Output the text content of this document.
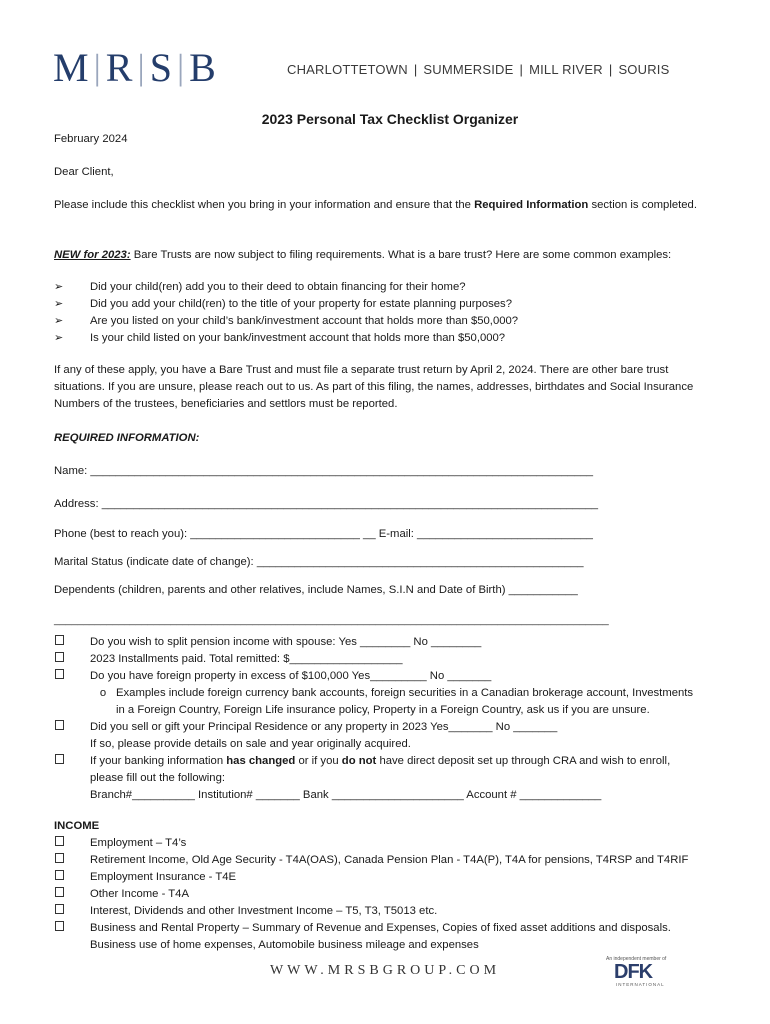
M | R | S | B	CHARLOTTETOWN | SUMMERSIDE | MILL RIVER | SOURIS
2023 Personal Tax Checklist Organizer
February 2024
Dear Client,
Please include this checklist when you bring in your information and ensure that the Required Information section is completed.
NEW for 2023: Bare Trusts are now subject to filing requirements. What is a bare trust? Here are some common examples:
➢	Did your child(ren) add you to their deed to obtain financing for their home?
➢	Did you add your child(ren) to the title of your property for estate planning purposes?
➢	Are you listed on your child’s bank/investment account that holds more than $50,000?
➢	Is your child listed on your bank/investment account that holds more than $50,000?
If any of these apply, you have a Bare Trust and must file a separate trust return by April 2, 2024. There are other bare trust
situations. If you are unsure, please reach out to us. As part of this filing, the names, addresses, birthdates and Social Insurance
Numbers of the trustees, beneficiaries and settlors must be reported.
REQUIRED INFORMATION:
Name: ________________________________________________________________________________
Address: _______________________________________________________________________________
Phone (best to reach you): ___________________________ __ E-mail: ____________________________
Marital Status (indicate date of change): ____________________________________________________
Dependents (children, parents and other relatives, include Names, S.I.N and Date of Birth) ___________
_______________________________________________________________________________________________
Do you wish to split pension income with spouse: Yes ________ No ________
2023 Installments paid. Total remitted: $__________________
Do you have foreign property in excess of $100,000 Yes_________ No _______
o Examples include foreign currency bank accounts, foreign securities in a Canadian brokerage account, Investments
in a Foreign Country, Foreign Life insurance policy, Property in a Foreign Country, ask us if you are unsure.
Did you sell or gift your Principal Residence or any property in 2023 Yes_______ No _______
If so, please provide details on sale and year originally acquired.
If your banking information has changed or if you do not have direct deposit set up through CRA and wish to enroll,
please fill out the following:
Branch#__________ Institution# _______ Bank _____________________ Account # _____________
INCOME
Employment – T4’s
Retirement Income, Old Age Security - T4A(OAS), Canada Pension Plan - T4A(P), T4A for pensions, T4RSP and T4RIF
Employment Insurance - T4E
Other Income - T4A
Interest, Dividends and other Investment Income – T5, T3, T5013 etc.
Business and Rental Property – Summary of Revenue and Expenses, Copies of fixed asset additions and disposals.
Business use of home expenses, Automobile business mileage and expenses
WWW.MRSBGROUP.COM
An independent member of
DFK
INTERNATIONAL
